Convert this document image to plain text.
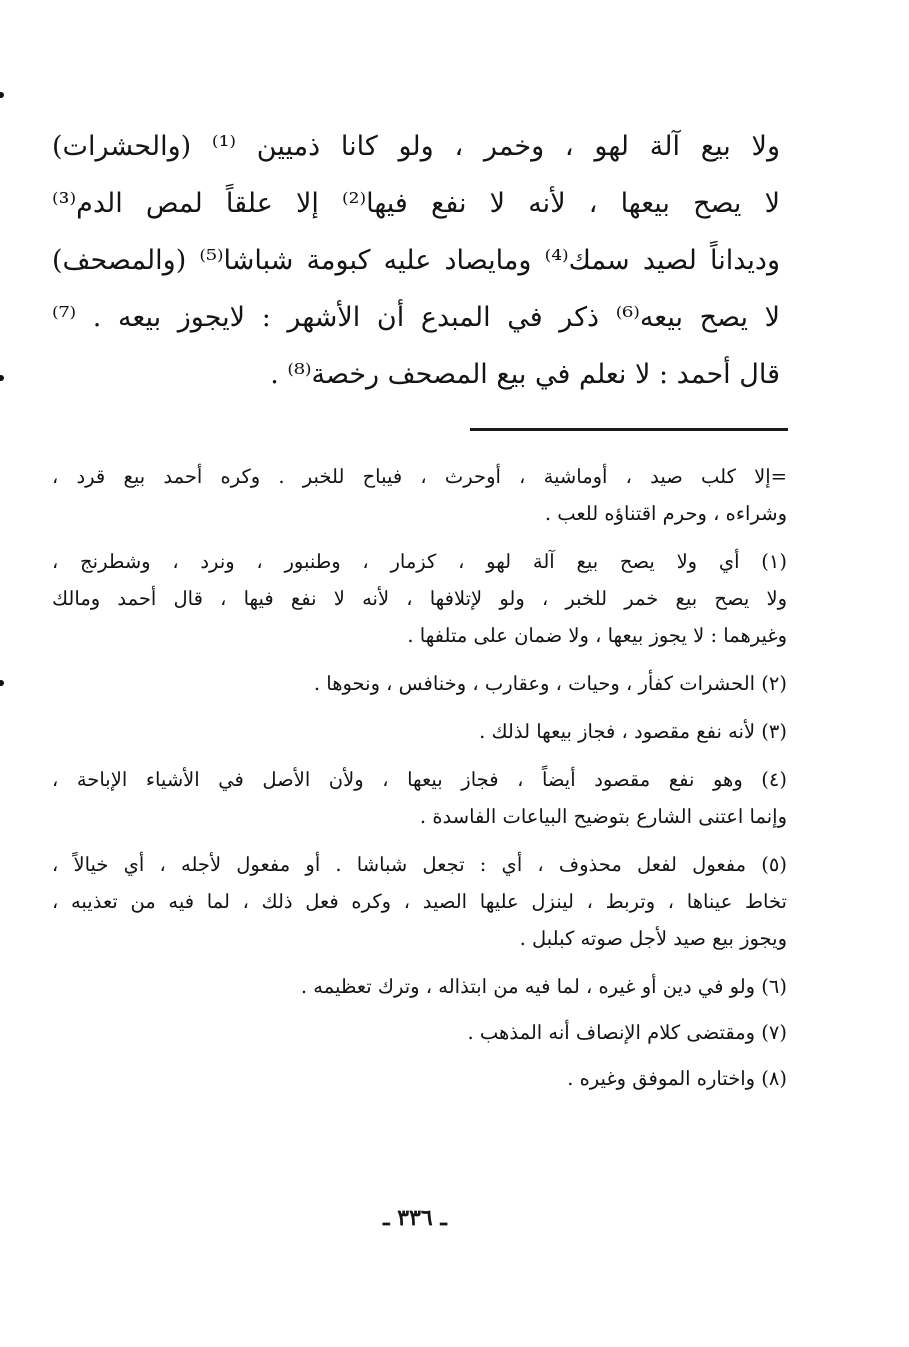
ولا بيع آلة لهو ، وخمر ، ولو كانا ذميين ⁽¹⁾ (والحشرات)
لا يصح بيعها ، لأنه لا نفع فيها⁽²⁾ إلا علقاً لمص الدم⁽³⁾
وديداناً لصيد سمك⁽⁴⁾ ومايصاد عليه كبومة شباشا⁽⁵⁾ (والمصحف)
لا يصح بيعه⁽⁶⁾ ذكر في المبدع أن الأشهر : لايجوز بيعه . ⁽⁷⁾
قال أحمد : لا نعلم في بيع المصحف رخصة⁽⁸⁾ .
=إلا كلب صيد ، أوماشية ، أوحرث ، فيباح للخبر . وكره أحمد بيع قرد ،
وشراءه ، وحرم اقتناؤه للعب .
(١) أي ولا يصح بيع آلة لهو ، كزمار ، وطنبور ، ونرد ، وشطرنج ،
ولا يصح بيع خمر للخبر ، ولو لإتلافها ، لأنه لا نفع فيها ، قال أحمد ومالك
وغيرهما : لا يجوز بيعها ، ولا ضمان على متلفها .
(٢) الحشرات كفأر ، وحيات ، وعقارب ، وخنافس ، ونحوها .
(٣) لأنه نفع مقصود ، فجاز بيعها لذلك .
(٤) وهو نفع مقصود أيضاً ، فجاز بيعها ، ولأن الأصل في الأشياء الإباحة ،
وإنما اعتنى الشارع بتوضيح البياعات الفاسدة .
(٥) مفعول لفعل محذوف ، أي : تجعل شباشا . أو مفعول لأجله ، أي خيالاً ،
تخاط عيناها ، وتربط ، لينزل عليها الصيد ، وكره فعل ذلك ، لما فيه من تعذيبه ،
ويجوز بيع صيد لأجل صوته كبلبل .
(٦) ولو في دين أو غيره ، لما فيه من ابتذاله ، وترك تعظيمه .
(٧) ومقتضى كلام الإنصاف أنه المذهب .
(٨) واختاره الموفق وغيره .
ـ ٣٣٦ ـ
